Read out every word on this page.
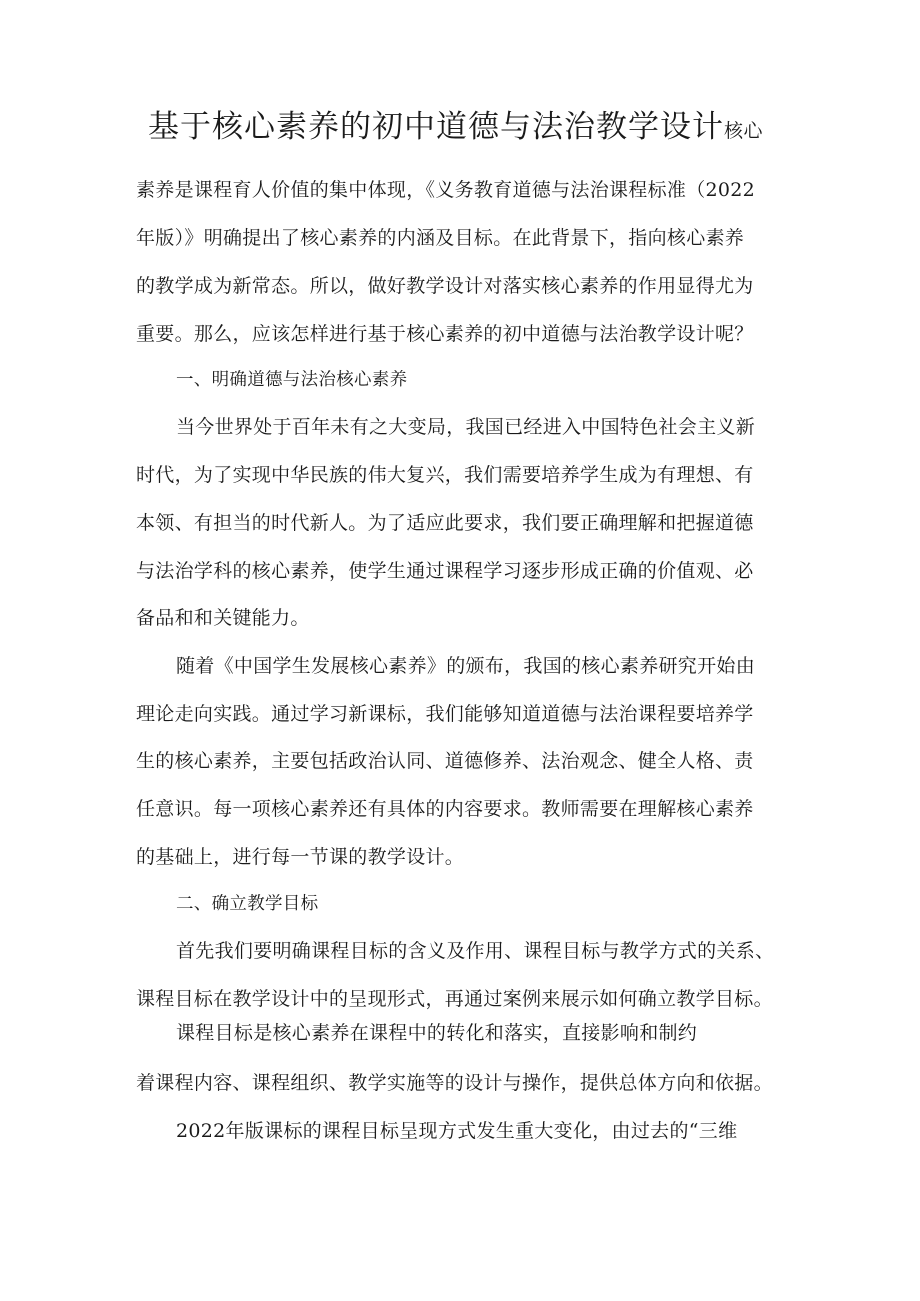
基于核心素养的初中道德与法治教学设计核心
素养是课程育人价值的集中体现，《义务教育道德与法治课程标准（2022
年版）》明确提出了核心素养的内涵及目标。在此背景下，指向核心素养
的教学成为新常态。所以，做好教学设计对落实核心素养的作用显得尤为
重要。那么，应该怎样进行基于核心素养的初中道德与法治教学设计呢？
一、明确道德与法治核心素养
当今世界处于百年未有之大变局，我国已经进入中国特色社会主义新
时代，为了实现中华民族的伟大复兴，我们需要培养学生成为有理想、有
本领、有担当的时代新人。为了适应此要求，我们要正确理解和把握道德
与法治学科的核心素养，使学生通过课程学习逐步形成正确的价值观、必
备品和和关键能力。
随着《中国学生发展核心素养》的颁布，我国的核心素养研究开始由
理论走向实践。通过学习新课标，我们能够知道道德与法治课程要培养学
生的核心素养，主要包括政治认同、道德修养、法治观念、健全人格、责
任意识。每一项核心素养还有具体的内容要求。教师需要在理解核心素养
的基础上，进行每一节课的教学设计。
二、确立教学目标
首先我们要明确课程目标的含义及作用、课程目标与教学方式的关系、
课程目标在教学设计中的呈现形式，再通过案例来展示如何确立教学目标。
课程目标是核心素养在课程中的转化和落实，直接影响和制约
着课程内容、课程组织、教学实施等的设计与操作，提供总体方向和依据。
2022年版课标的课程目标呈现方式发生重大变化，由过去的“三维
